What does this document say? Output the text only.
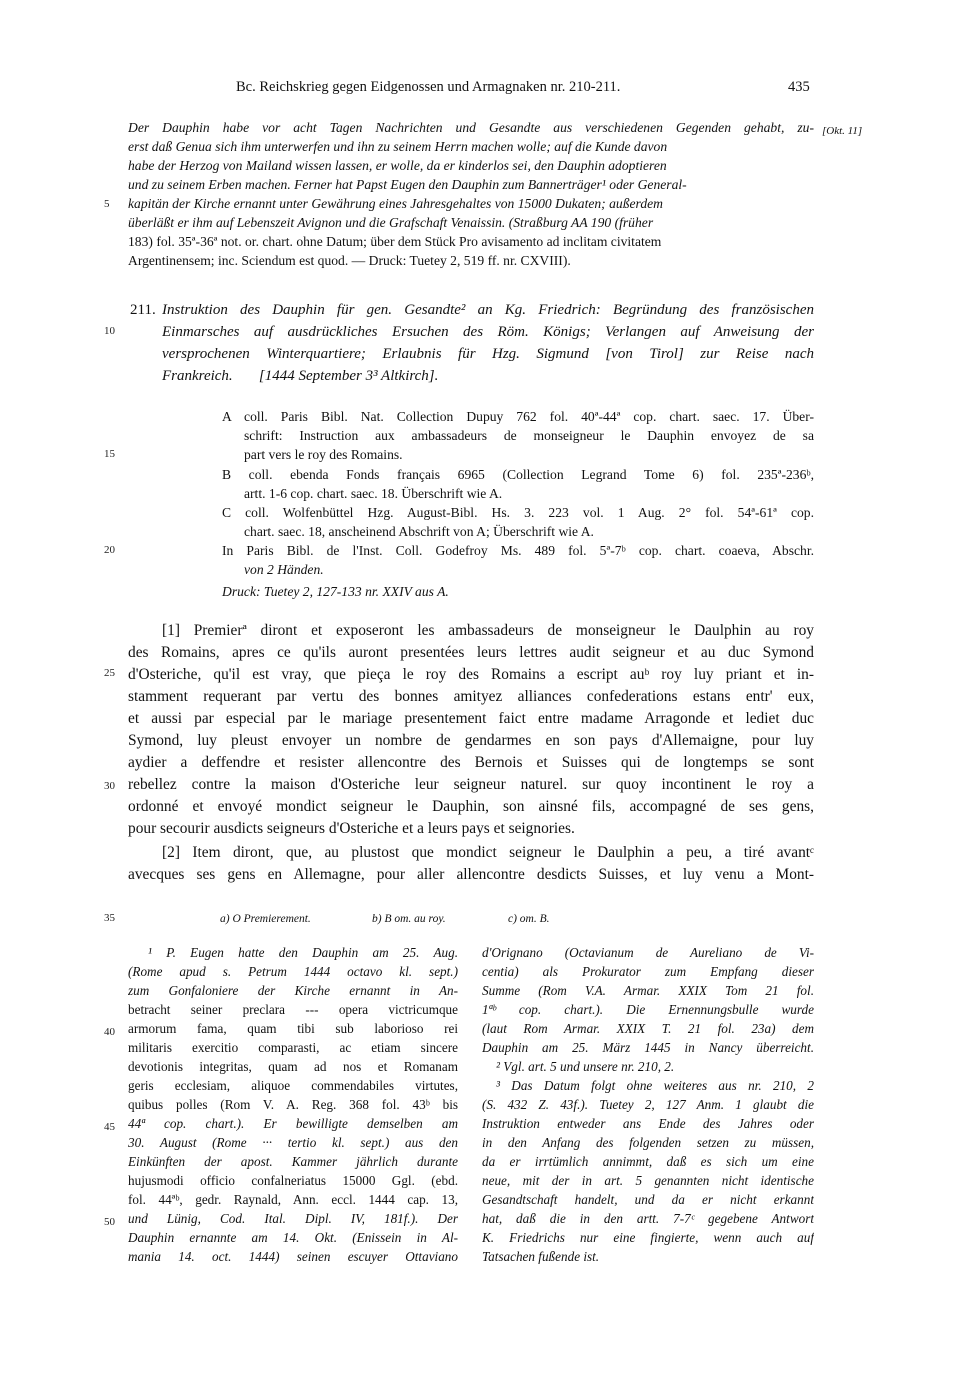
Bc. Reichskrieg gegen Eidgenossen und Armagnaken nr. 210-211.	435
[Okt. 11]
Der Dauphin habe vor acht Tagen Nachrichten und Gesandte aus verschiedenen Gegenden gehabt, zu-
erst daß Genua sich ihm unterwerfen und ihn zu seinem Herrn machen wolle; auf die Kunde davon
habe der Herzog von Mailand wissen lassen, er wolle, da er kinderlos sei, den Dauphin adoptieren
und zu seinem Erben machen. Ferner hat Papst Eugen den Dauphin zum Bannerträger¹ oder General-
kapitän der Kirche ernannt unter Gewährung eines Jahresgehaltes von 15000 Dukaten; außerdem
überläßt er ihm auf Lebenszeit Avignon und die Grafschaft Venaissin. (Straßburg AA 190 (früher
183) fol. 35ª-36ª not. or. chart. ohne Datum; über dem Stück Pro avisamento ad inclitam civitatem
Argentinensem; inc. Sciendum est quod. — Druck: Tuetey 2, 519 ff. nr. CXVIII).
5
10
15
20
25
30
35
40
45
50
211. Instruktion des Dauphin für gen. Gesandte² an Kg. Friedrich: Begründung des französischen
Einmarsches auf ausdrückliches Ersuchen des Röm. Königs; Verlangen auf Anweisung der
versprochenen Winterquartiere; Erlaubnis für Hzg. Sigmund [von Tirol] zur Reise nach
Frankreich.       [1444 September 3³ Altkirch].
A coll. Paris Bibl. Nat. Collection Dupuy 762 fol. 40ª-44ª cop. chart. saec. 17. Über-
schrift: Instruction aux ambassadeurs de monseigneur le Dauphin envoyez de sa
part vers le roy des Romains.
B coll. ebenda Fonds français 6965 (Collection Legrand Tome 6) fol. 235ª-236ᵇ,
artt. 1-6 cop. chart. saec. 18. Überschrift wie A.
C coll. Wolfenbüttel Hzg. August-Bibl. Hs. 3. 223 vol. 1 Aug. 2° fol. 54ª-61ª cop.
chart. saec. 18, anscheinend Abschrift von A; Überschrift wie A.
In Paris Bibl. de l'Inst. Coll. Godefroy Ms. 489 fol. 5ª-7ᵇ cop. chart. coaeva, Abschr.
von 2 Händen.
Druck: Tuetey 2, 127-133 nr. XXIV aus A.
[1] Premierª diront et exposeront les ambassadeurs de monseigneur le Daulphin au roy
des Romains, apres ce qu'ils auront presentées leurs lettres audit seigneur et au duc Symond
d'Osteriche, qu'il est vray, que pieça le roy des Romains a escript auᵇ roy luy priant et in-
stamment requerant par vertu des bonnes amityez alliances confederations estans entr' eux,
et aussi par especial par le mariage presentement faict entre madame Arragonde et lediet duc
Symond, luy pleust envoyer un nombre de gendarmes en son pays d'Allemaigne, pour luy
aydier a deffendre et resister allencontre des Bernois et Suisses qui de longtemps se sont
rebellez contre la maison d'Osteriche leur seigneur naturel. sur quoy incontinent le roy a
ordonné et envoyé mondict seigneur le Dauphin, son ainsné fils, accompagné de ses gens,
pour secourir ausdicts seigneurs d'Osteriche et a leurs pays et seignories.
[2] Item diront, que, au plustost que mondict seigneur le Daulphin a peu, a tiré avantᶜ
avecques ses gens en Allemagne, pour aller allencontre desdicts Suisses, et luy venu a Mont-
a) O Premierement.	b) B om. au roy.	c) om. B.
¹ P. Eugen hatte den Dauphin am 25. Aug.
(Rome apud s. Petrum 1444 octavo kl. sept.)
zum Gonfaloniere der Kirche ernannt in An-
betracht seiner preclara --- opera victricumque
armorum fama, quam tibi sub laborioso rei
militaris exercitio comparasti, ac etiam sincere
devotionis integritas, quam ad nos et Romanam
geris ecclesiam, aliquoe commendabiles virtutes,
quibus polles (Rom V. A. Reg. 368 fol. 43ᵇ bis
44ª cop. chart.). Er bewilligte demselben am
30. August (Rome ··· tertio kl. sept.) aus den
Einkünften der apost. Kammer jährlich durante
hujusmodi officio confalneriatus 15000 Ggl. (ebd.
fol. 44ªᵇ, gedr. Raynald, Ann. eccl. 1444 cap. 13,
und Lünig, Cod. Ital. Dipl. IV, 181f.). Der
Dauphin ernannte am 14. Okt. (Enissein in Al-
mania 14. oct. 1444) seinen escuyer Ottaviano
d'Orignano (Octavianum de Aureliano de Vi-
centia) als Prokurator zum Empfang dieser
Summe (Rom V.A. Armar. XXIX Tom 21 fol.
1ªᵇ cop. chart.). Die Ernennungsbulle wurde
(laut Rom Armar. XXIX T. 21 fol. 23a) dem
Dauphin am 25. März 1445 in Nancy überreicht.
² Vgl. art. 5 und unsere nr. 210, 2.
³ Das Datum folgt ohne weiteres aus nr. 210, 2
(S. 432 Z. 43f.). Tuetey 2, 127 Anm. 1 glaubt die
Instruktion entweder ans Ende des Jahres oder
in den Anfang des folgenden setzen zu müssen,
da er irrtümlich annimmt, daß es sich um eine
neue, mit der in art. 5 genannten nicht identische
Gesandtschaft handelt, und da er nicht erkannt
hat, daß die in den artt. 7-7ᶜ gegebene Antwort
K. Friedrichs nur eine fingierte, wenn auch auf
Tatsachen fußende ist.
